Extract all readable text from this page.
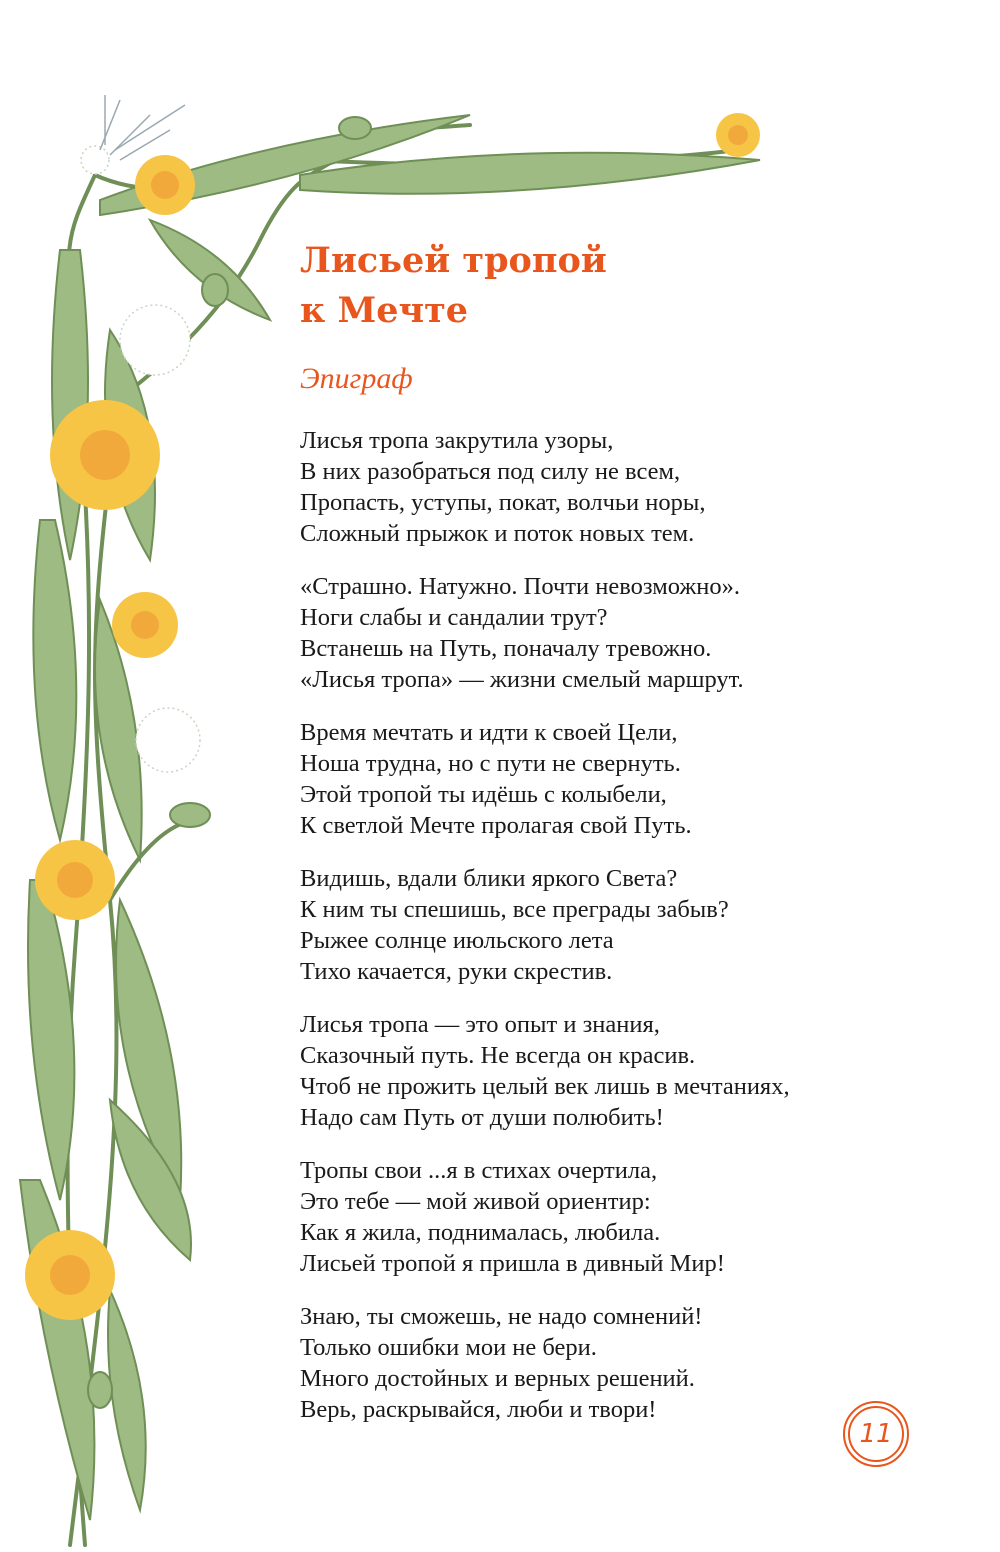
Лисьей тропой
к Мечте

Эпиграф

Лисья тропа закрутила узоры,
В них разобраться под силу не всем,
Пропасть, уступы, покат, волчьи норы,
Сложный прыжок и поток новых тем.
«Страшно. Натужно. Почти невозможно».
Ноги слабы и сандалии трут?
Встанешь на Путь, поначалу тревожно.
«Лисья тропа» — жизни смелый маршрут.
Время мечтать и идти к своей Цели,
Ноша трудна, но с пути не свернуть.
Этой тропой ты идёшь с колыбели,
К светлой Мечте пролагая свой Путь.
Видишь, вдали блики яркого Света?
К ним ты спешишь, все преграды забыв?
Рыжее солнце июльского лета
Тихо качается, руки скрестив.
Лисья тропа — это опыт и знания,
Сказочный путь. Не всегда он красив.
Чтоб не прожить целый век лишь в мечтаниях,
Надо сам Путь от души полюбить!
Тропы свои ...я в стихах очертила,
Это тебе — мой живой ориентир:
Как я жила, поднималась, любила.
Лисьей тропой я пришла в дивный Мир!
Знаю, ты сможешь, не надо сомнений!
Только ошибки мои не бери.
Много достойных и верных решений.
Верь, раскрывайся, люби и твори!
11
